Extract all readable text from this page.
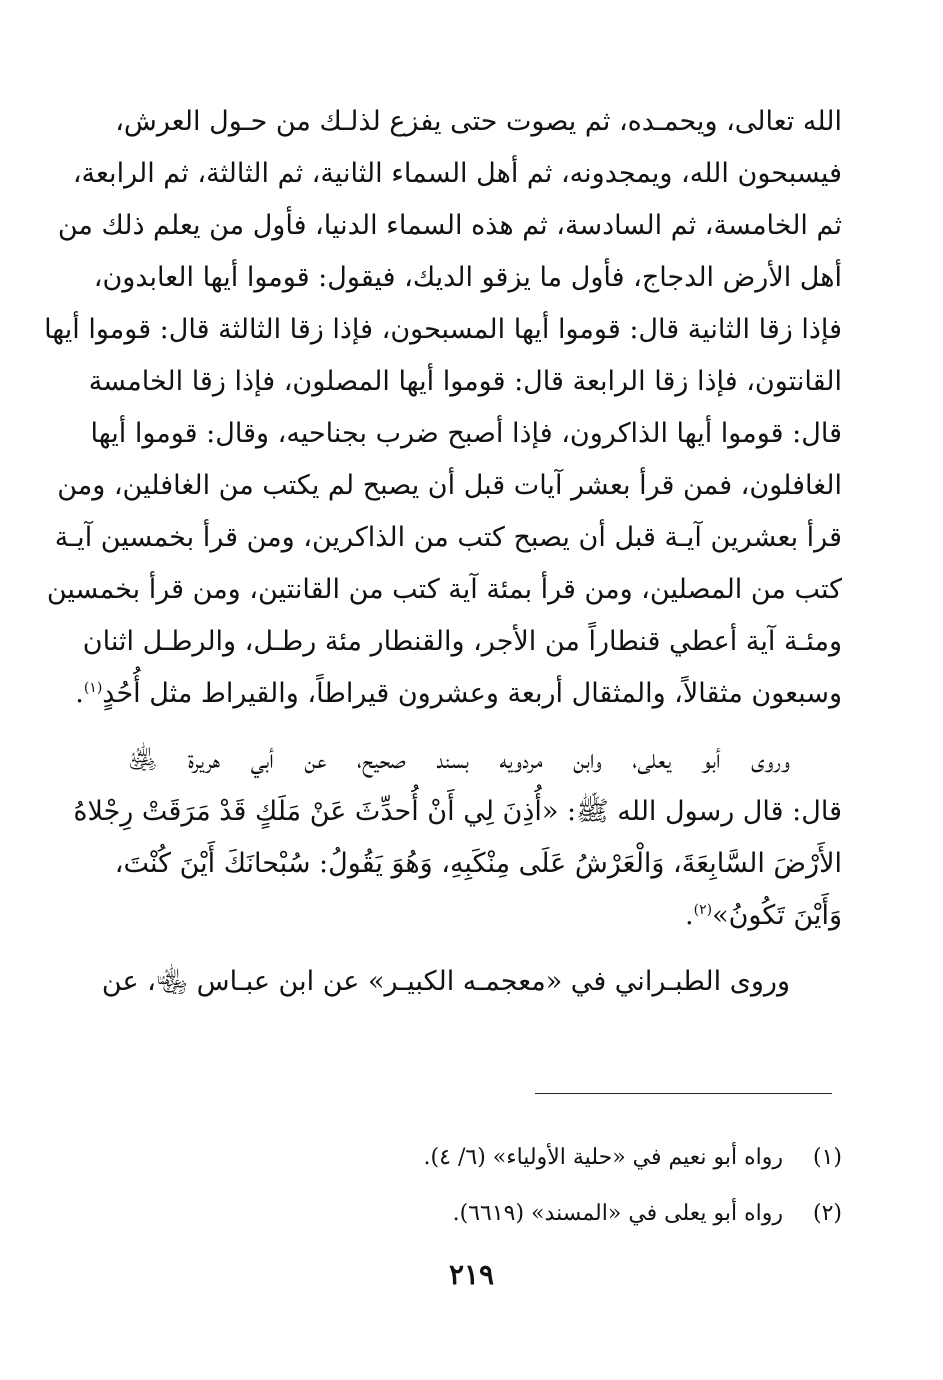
الله تعالى، ويحمـده، ثم يصوت حتى يفزع لذلـك من حـول العرش،
فيسبحون الله، ويمجدونه، ثم أهل السماء الثانية، ثم الثالثة، ثم الرابعة،
ثم الخامسة، ثم السادسة، ثم هذه السماء الدنيا، فأول من يعلم ذلك من
أهل الأرض الدجاج، فأول ما يزقو الديك، فيقول: قوموا أيها العابدون،
فإذا زقا الثانية قال: قوموا أيها المسبحون، فإذا زقا الثالثة قال: قوموا أيها
القانتون، فإذا زقا الرابعة قال: قوموا أيها المصلون، فإذا زقا الخامسة
قال: قوموا أيها الذاكرون، فإذا أصبح ضرب بجناحيه، وقال: قوموا أيها
الغافلون، فمن قرأ بعشر آيات قبل أن يصبح لم يكتب من الغافلين، ومن
قرأ بعشرين آيـة قبل أن يصبح كتب من الذاكرين، ومن قرأ بخمسين آيـة
كتب من المصلين، ومن قرأ بمئة آية كتب من القانتين، ومن قرأ بخمسين
ومئـة آية أعطي قنطاراً من الأجر، والقنطار مئة رطـل، والرطـل اثنان
وسبعون مثقالاً، والمثقال أربعة وعشرون قيراطاً، والقيراط مثل أُحُدٍ$^{(١)}$.
وروى أبو يعلى، وابن مردويه بسند صحيح، عن أبي هريرة ﵁
قال: قال رسول الله ﷺ: «أُذِنَ لِي أَنْ أُحدِّثَ عَنْ مَلَكٍ قَدْ مَرَقَتْ رِجْلاهُ
الأَرْضَ السَّابِعَةَ، وَالْعَرْشُ عَلَى مِنْكَبِهِ، وَهُوَ يَقُولُ: سُبْحانَكَ أَيْنَ كُنْتَ،
وَأَيْنَ تَكُونُ»$^{(٢)}$.
وروى الطبـراني في «معجمـه الكبيـر» عن ابن عبـاس ﵄، عن
(١) رواه أبو نعيم في «حلية الأولياء» (٦/ ٤).
(٢) رواه أبو يعلى في «المسند» (٦٦١٩).
٢١٩
